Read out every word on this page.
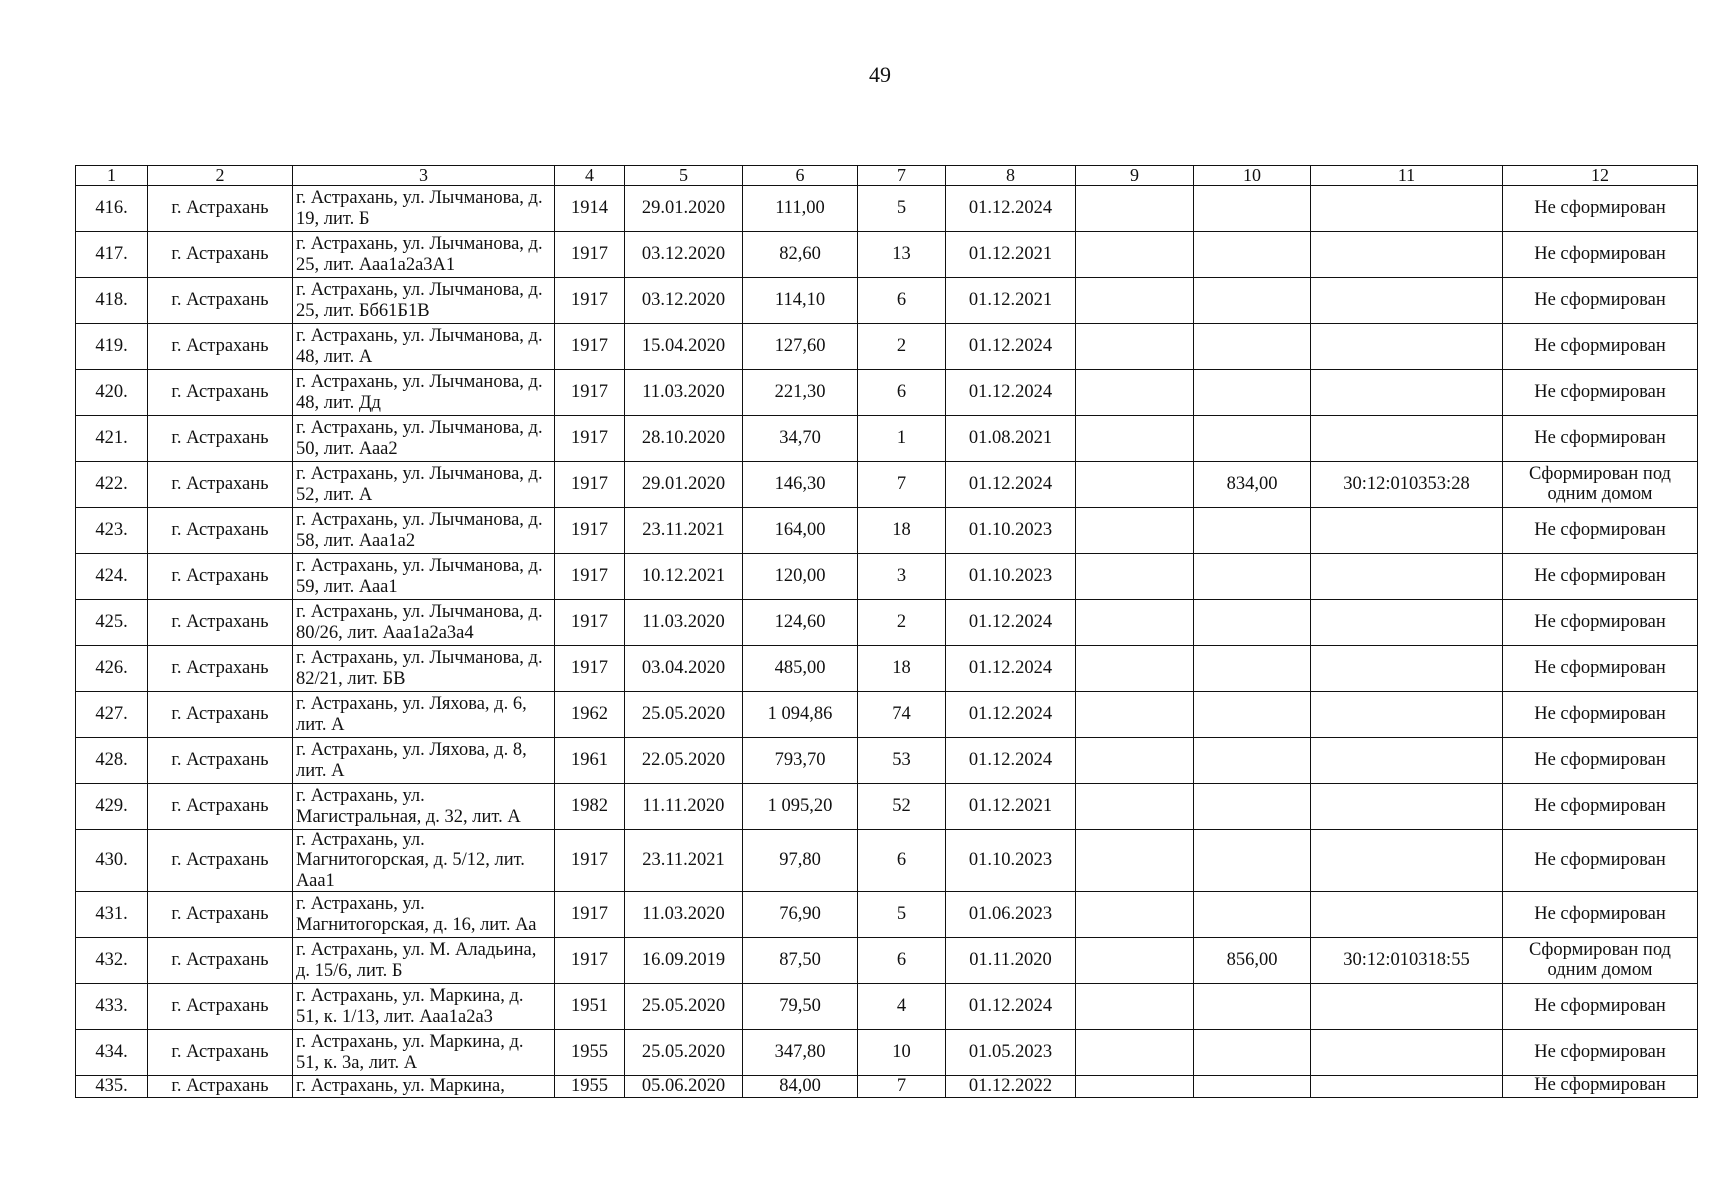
49
1	2	3	4	5	6	7	8	9	10	11	12
416.	г. Астрахань	г. Астрахань, ул. Лычманова, д. 19, лит. Б	1914	29.01.2020	111,00	5	01.12.2024				Не сформирован
417.	г. Астрахань	г. Астрахань, ул. Лычманова, д. 25, лит. Ааа1а2а3А1	1917	03.12.2020	82,60	13	01.12.2021				Не сформирован
418.	г. Астрахань	г. Астрахань, ул. Лычманова, д. 25, лит. Бб61Б1В	1917	03.12.2020	114,10	6	01.12.2021				Не сформирован
419.	г. Астрахань	г. Астрахань, ул. Лычманова, д. 48, лит. А	1917	15.04.2020	127,60	2	01.12.2024				Не сформирован
420.	г. Астрахань	г. Астрахань, ул. Лычманова, д. 48, лит. Дд	1917	11.03.2020	221,30	6	01.12.2024				Не сформирован
421.	г. Астрахань	г. Астрахань, ул. Лычманова, д. 50, лит. Ааа2	1917	28.10.2020	34,70	1	01.08.2021				Не сформирован
422.	г. Астрахань	г. Астрахань, ул. Лычманова, д. 52, лит. А	1917	29.01.2020	146,30	7	01.12.2024		834,00	30:12:010353:28	Сформирован под одним домом
423.	г. Астрахань	г. Астрахань, ул. Лычманова, д. 58, лит. Ааа1а2	1917	23.11.2021	164,00	18	01.10.2023				Не сформирован
424.	г. Астрахань	г. Астрахань, ул. Лычманова, д. 59, лит. Ааа1	1917	10.12.2021	120,00	3	01.10.2023				Не сформирован
425.	г. Астрахань	г. Астрахань, ул. Лычманова, д. 80/26, лит. Ааа1а2а3а4	1917	11.03.2020	124,60	2	01.12.2024				Не сформирован
426.	г. Астрахань	г. Астрахань, ул. Лычманова, д. 82/21, лит. БВ	1917	03.04.2020	485,00	18	01.12.2024				Не сформирован
427.	г. Астрахань	г. Астрахань, ул. Ляхова, д. 6, лит. А	1962	25.05.2020	1 094,86	74	01.12.2024				Не сформирован
428.	г. Астрахань	г. Астрахань, ул. Ляхова, д. 8, лит. А	1961	22.05.2020	793,70	53	01.12.2024				Не сформирован
429.	г. Астрахань	г. Астрахань, ул. Магистральная, д. 32, лит. А	1982	11.11.2020	1 095,20	52	01.12.2021				Не сформирован
430.	г. Астрахань	г. Астрахань, ул. Магнитогорская, д. 5/12, лит. Ааа1	1917	23.11.2021	97,80	6	01.10.2023				Не сформирован
431.	г. Астрахань	г. Астрахань, ул. Магнитогорская, д. 16, лит. Аа	1917	11.03.2020	76,90	5	01.06.2023				Не сформирован
432.	г. Астрахань	г. Астрахань, ул. М. Аладьина, д. 15/6, лит. Б	1917	16.09.2019	87,50	6	01.11.2020		856,00	30:12:010318:55	Сформирован под одним домом
433.	г. Астрахань	г. Астрахань, ул. Маркина, д. 51, к. 1/13, лит. Ааа1а2а3	1951	25.05.2020	79,50	4	01.12.2024				Не сформирован
434.	г. Астрахань	г. Астрахань, ул. Маркина, д. 51, к. 3а, лит. А	1955	25.05.2020	347,80	10	01.05.2023				Не сформирован
435.	г. Астрахань	г. Астрахань, ул. Маркина,	1955	05.06.2020	84,00	7	01.12.2022				Не сформирован
